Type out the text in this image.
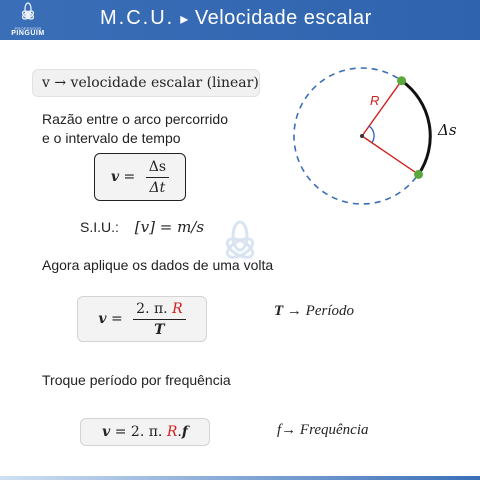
PROFESSOR
PINGUIM
M.C.U. ▸ Velocidade escalar
v → velocidade escalar (linear)
Razão entre o arco percorrido
e o intervalo de tempo
$v = \frac{\Delta s}{\Delta t}$
S.I.U.: [v] = m/s
Agora aplique os dados de uma volta
$v = \frac{2. \pi. R}{T}$	T → Período
Troque período por frequência
v = 2. π. R . f	f→ Frequência
R
Δs
